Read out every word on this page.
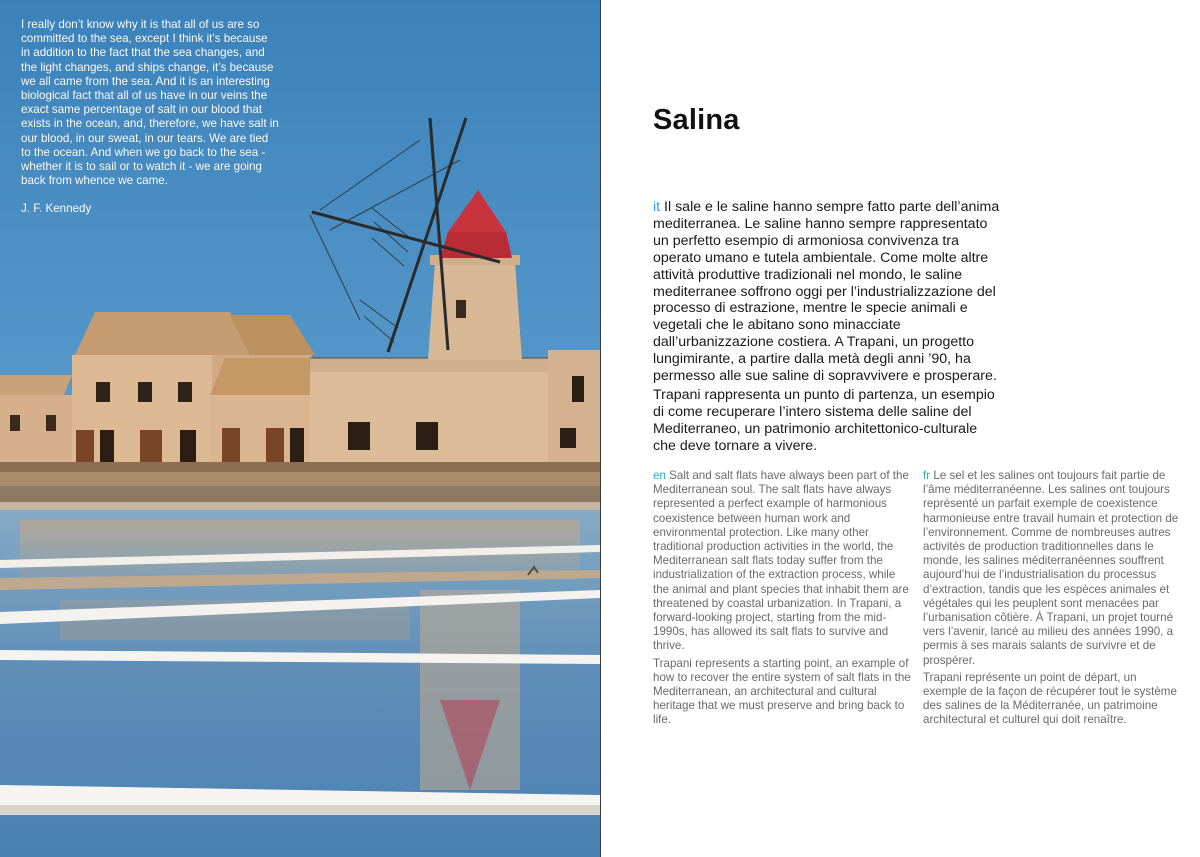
I really don’t know why it is that all of us are so committed to the sea, except I think it’s because in addition to the fact that the sea changes, and the light changes, and ships change, it’s because we all came from the sea. And it is an interesting biological fact that all of us have in our veins the exact same percentage of salt in our blood that exists in the ocean, and, therefore, we have salt in our blood, in our sweat, in our tears. We are tied to the ocean. And when we go back to the sea - whether it is to sail or to watch it - we are going back from whence we came.

J. F. Kennedy

Salina

it Il sale e le saline hanno sempre fatto parte dell’anima mediterranea. Le saline hanno sempre rappresentato un perfetto esempio di armoniosa convivenza tra operato umano e tutela ambientale. Come molte altre attività produttive tradizionali nel mondo, le saline mediterranee soffrono oggi per l’industrializzazione del processo di estrazione, mentre le specie animali e vegetali che le abitano sono minacciate dall’urbanizzazione costiera. A Trapani, un progetto lungimirante, a partire dalla metà degli anni ’90, ha permesso alle sue saline di sopravvivere e prosperare.

Trapani rappresenta un punto di partenza, un esempio di come recuperare l’intero sistema delle saline del Mediterraneo, un patrimonio architettonico-culturale che deve tornare a vivere.

en Salt and salt flats have always been part of the Mediterranean soul. The salt flats have always represented a perfect example of harmonious coexistence between human work and environmental protection. Like many other traditional production activities in the world, the Mediterranean salt flats today suffer from the industrialization of the extraction process, while the animal and plant species that inhabit them are threatened by coastal urbanization. In Trapani, a forward-looking project, starting from the mid-1990s, has allowed its salt flats to survive and thrive.

Trapani represents a starting point, an example of how to recover the entire system of salt flats in the Mediterranean, an architectural and cultural heritage that we must preserve and bring back to life.

fr Le sel et les salines ont toujours fait partie de l’âme méditerranéenne. Les salines ont toujours représenté un parfait exemple de coexistence harmonieuse entre travail humain et protection de l’environnement. Comme de nombreuses autres activités de production traditionnelles dans le monde, les salines méditerranéennes souffrent aujourd’hui de l’industrialisation du processus d’extraction, tandis que les espèces animales et végétales qui les peuplent sont menacées par l’urbanisation côtière. À Trapani, un projet tourné vers l’avenir, lancé au milieu des années 1990, a permis à ses marais salants de survivre et de prospérer.

Trapani représente un point de départ, un exemple de la façon de récupérer tout le système des salines de la Méditerranée, un patrimoine architectural et culturel qui doit renaître.
